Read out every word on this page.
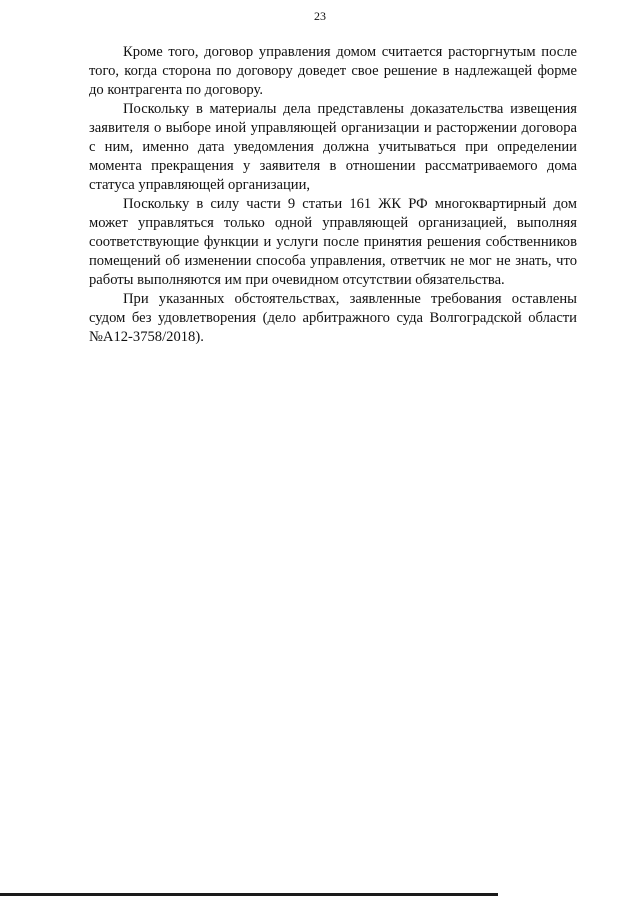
23

Кроме того, договор управления домом считается расторгнутым после того, когда сторона по договору доведет свое решение в надлежащей форме до контрагента по договору.

Поскольку в материалы дела представлены доказательства извещения заявителя о выборе иной управляющей организации и расторжении договора с ним, именно дата уведомления должна учитываться при определении момента прекращения у заявителя в отношении рассматриваемого дома статуса управляющей организации,

Поскольку в силу части 9 статьи 161 ЖК РФ многоквартирный дом может управляться только одной управляющей организацией, выполняя соответствующие функции и услуги после принятия решения собственников помещений об изменении способа управления, ответчик не мог не знать, что работы выполняются им при очевидном отсутствии обязательства.

При указанных обстоятельствах, заявленные требования оставлены судом без удовлетворения (дело арбитражного суда Волгоградской области №А12-3758/2018).
